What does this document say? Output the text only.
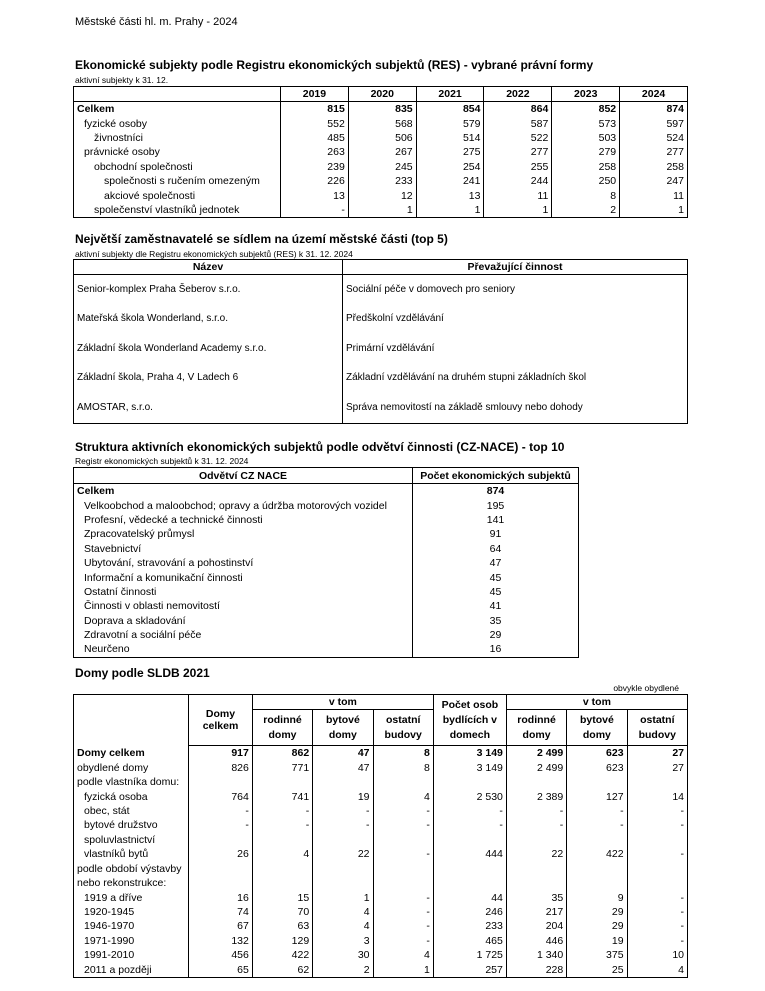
Městské části hl. m. Prahy - 2024
Ekonomické subjekty podle Registru ekonomických subjektů (RES) - vybrané právní formy
aktivní subjekty k 31. 12.
	2019	2020	2021	2022	2023	2024
Celkem	815	835	854	864	852	874
fyzické osoby	552	568	579	587	573	597
živnostníci	485	506	514	522	503	524
právnické osoby	263	267	275	277	279	277
obchodní společnosti	239	245	254	255	258	258
společnosti s ručením omezeným	226	233	241	244	250	247
akciové společnosti	13	12	13	11	8	11
společenství vlastníků jednotek	-	1	1	1	2	1
Největší zaměstnavatelé se sídlem na území městské části (top 5)
aktivní subjekty dle Registru ekonomických subjektů (RES) k 31. 12. 2024
Název	Převažující činnost
Senior-komplex Praha Šeberov s.r.o.	Sociální péče v domovech pro seniory
Mateřská škola Wonderland, s.r.o.	Předškolní vzdělávání
Základní škola Wonderland Academy s.r.o.	Primární vzdělávání
Základní škola, Praha 4, V Ladech 6	Základní vzdělávání na druhém stupni základních škol
AMOSTAR, s.r.o.	Správa nemovitostí na základě smlouvy nebo dohody
Struktura aktivních ekonomických subjektů podle odvětví činnosti (CZ-NACE) - top 10
Registr ekonomických subjektů k 31. 12. 2024
Odvětví CZ NACE	Počet ekonomických subjektů
Celkem	874
Velkoobchod a maloobchod; opravy a údržba motorových vozidel	195
Profesní, vědecké a technické činnosti	141
Zpracovatelský průmysl	91
Stavebnictví	64
Ubytování, stravování a pohostinství	47
Informační a komunikační činnosti	45
Ostatní činnosti	45
Činnosti v oblasti nemovitostí	41
Doprava a skladování	35
Zdravotní a sociální péče	29
Neurčeno	16
Domy podle SLDB 2021
obvykle obydlené

	Domy celkem	v tom			Počet osob bydlících v domech	v tom		

		rodinné domy	bytové domy	ostatní budovy		rodinné domy	bytové domy	ostatní budovy

Domy celkem	917	862	47	8	3 149	2 499	623	27
obydlené domy	826	771	47	8	3 149	2 499	623	27
podle vlastníka domu:								
fyzická osoba	764	741	19	4	2 530	2 389	127	14
obec, stát	-	-	-	-	-	-	-	-
bytové družstvo	-	-	-	-	-	-	-	-
spoluvlastnictví								
vlastníků bytů	26	4	22	-	444	22	422	-
podle období výstavby								
nebo rekonstrukce:								
1919 a dříve	16	15	1	-	44	35	9	-
1920-1945	74	70	4	-	246	217	29	-
1946-1970	67	63	4	-	233	204	29	-
1971-1990	132	129	3	-	465	446	19	-
1991-2010	456	422	30	4	1 725	1 340	375	10
2011 a později	65	62	2	1	257	228	25	4
